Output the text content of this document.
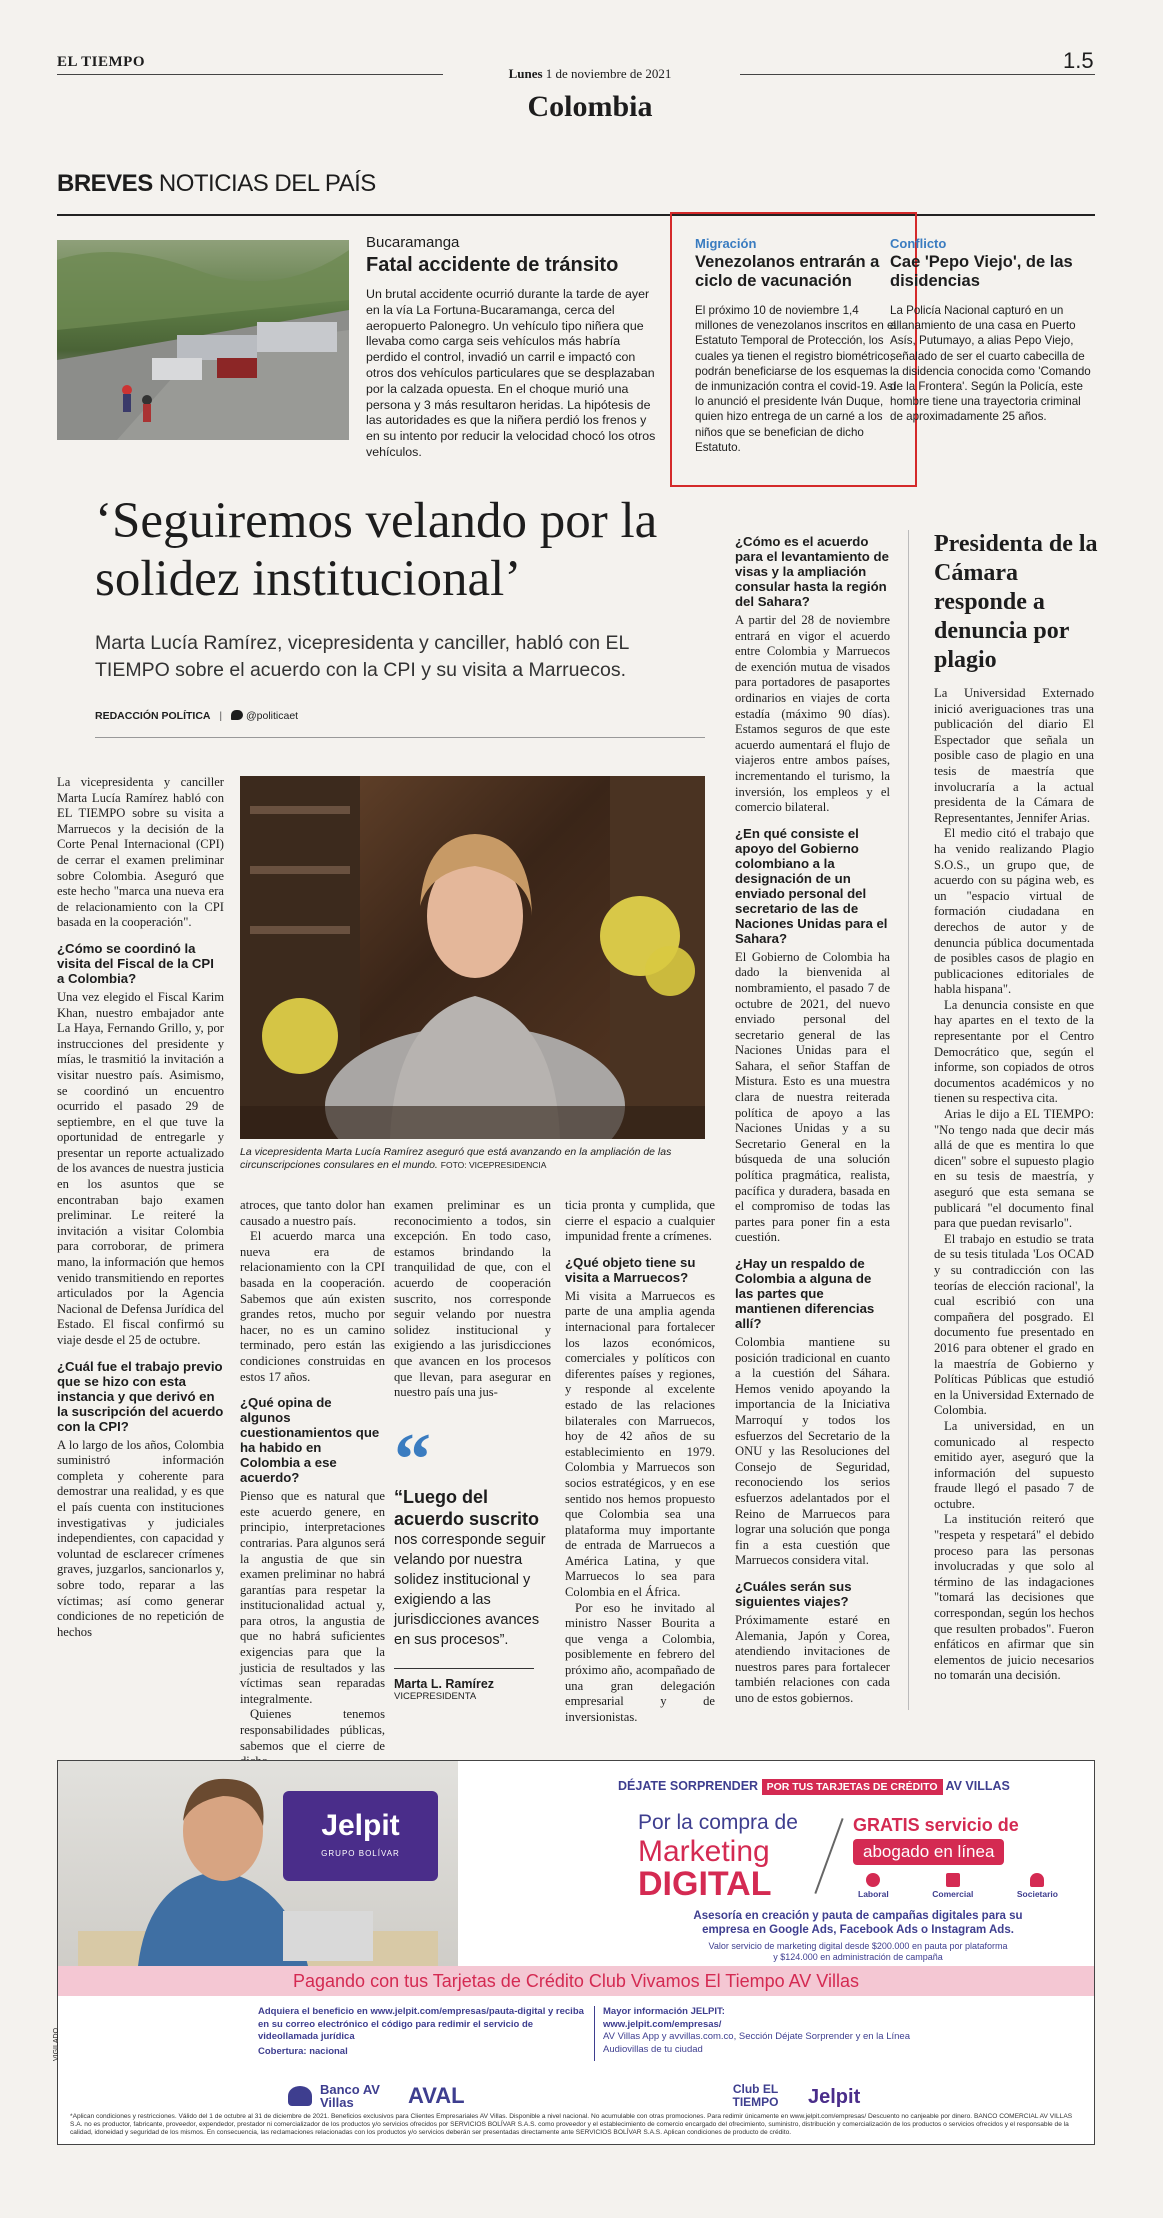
EL TIEMPO	1.5
Lunes 1 de noviembre de 2021
Colombia
BREVES NOTICIAS DEL PAÍS
Bucaramanga
Fatal accidente de tránsito
Un brutal accidente ocurrió durante la tarde de ayer en la vía La Fortuna-Bucaramanga, cerca del aeropuerto Palonegro. Un vehículo tipo niñera que llevaba como carga seis vehículos más habría perdido el control, invadió un carril e impactó con otros dos vehículos particulares que se desplazaban por la calzada opuesta. En el choque murió una persona y 3 más resultaron heridas. La hipótesis de las autoridades es que la niñera perdió los frenos y en su intento por reducir la velocidad chocó los otros vehículos.
Migración
Venezolanos entrarán a ciclo de vacunación
El próximo 10 de noviembre 1,4 millones de venezolanos inscritos en el Estatuto Temporal de Protección, los cuales ya tienen el registro biométrico, podrán beneficiarse de los esquemas de inmunización contra el covid-19. Así lo anunció el presidente Iván Duque, quien hizo entrega de un carné a los niños que se benefician de dicho Estatuto.
Conflicto
Cae 'Pepo Viejo', de las disidencias
La Policía Nacional capturó en un allanamiento de una casa en Puerto Asís, Putumayo, a alias Pepo Viejo, señalado de ser el cuarto cabecilla de la disidencia conocida como 'Comando de la Frontera'. Según la Policía, este hombre tiene una trayectoria criminal de aproximadamente 25 años.
‘Seguiremos velando por la solidez institucional’
Marta Lucía Ramírez, vicepresidenta y canciller, habló con EL TIEMPO sobre el acuerdo con la CPI y su visita a Marruecos.
REDACCIÓN POLÍTICA | @politicaet

La vicepresidenta y canciller Marta Lucía Ramírez habló con EL TIEMPO sobre su visita a Marruecos y la decisión de la Corte Penal Internacional (CPI) de cerrar el examen preliminar sobre Colombia. Aseguró que este hecho "marca una nueva era de relacionamiento con la CPI basada en la cooperación".

¿Cómo se coordinó la visita del Fiscal de la CPI a Colombia?

Una vez elegido el Fiscal Karim Khan, nuestro embajador ante La Haya, Fernando Grillo, y, por instrucciones del presidente y mías, le trasmitió la invitación a visitar nuestro país. Asimismo, se coordinó un encuentro ocurrido el pasado 29 de septiembre, en el que tuve la oportunidad de entregarle y presentar un reporte actualizado de los avances de nuestra justicia en los asuntos que se encontraban bajo examen preliminar. Le reiteré la invitación a visitar Colombia para corroborar, de primera mano, la información que hemos venido transmitiendo en reportes articulados por la Agencia Nacional de Defensa Jurídica del Estado. El fiscal confirmó su viaje desde el 25 de octubre.

¿Cuál fue el trabajo previo que se hizo con esta instancia y que derivó en la suscripción del acuerdo con la CPI?

A lo largo de los años, Colombia suministró información completa y coherente para demostrar una realidad, y es que el país cuenta con instituciones investigativas y judiciales independientes, con capacidad y voluntad de esclarecer crímenes graves, juzgarlos, sancionarlos y, sobre todo, reparar a las víctimas; así como generar condiciones de no repetición de hechos

La vicepresidenta Marta Lucía Ramírez aseguró que está avanzando en la ampliación de las circunscripciones consulares en el mundo. FOTO: VICEPRESIDENCIA

atroces, que tanto dolor han causado a nuestro país.

El acuerdo marca una nueva era de relacionamiento con la CPI basada en la cooperación. Sabemos que aún existen grandes retos, mucho por hacer, no es un camino terminado, pero están las condiciones construidas en estos 17 años.

¿Qué opina de algunos cuestionamientos que ha habido en Colombia a ese acuerdo?

Pienso que es natural que este acuerdo genere, en principio, interpretaciones contrarias. Para algunos será la angustia de que sin examen preliminar no habrá garantías para respetar la institucionalidad actual y, para otros, la angustia de que no habrá suficientes exigencias para que la justicia de resultados y las víctimas sean reparadas integralmente.

Quienes tenemos responsabilidades públicas, sabemos que el cierre de

examen preliminar es un reconocimiento a todos, sin excepción. En todo caso, estamos brindando la tranquilidad de que, con el acuerdo de cooperación suscrito, nos corresponde seguir velando por nuestra solidez institucional y exigiendo a las jurisdicciones que avancen en los procesos que llevan, para asegurar en nuestro país una jus-

“
“Luego del acuerdo suscrito
nos corresponde seguir velando por nuestra solidez institucional y exigiendo a las jurisdicciones avances en sus procesos”.
Marta L. Ramírez
VICEPRESIDENTA

ticia pronta y cumplida, que cierre el espacio a cualquier impunidad frente a crímenes.

¿Qué objeto tiene su visita a Marruecos?

Mi visita a Marruecos es parte de una amplia agenda internacional para fortalecer los lazos económicos, comerciales y políticos con diferentes países y regiones, y responde al excelente estado de las relaciones bilaterales con Marruecos, hoy de 42 años de su establecimiento en 1979. Colombia y Marruecos son socios estratégicos, y en ese sentido nos hemos propuesto que Colombia sea una plataforma muy importante de entrada de Marruecos a América Latina, y que Marruecos lo sea para Colombia en el África.

Por eso he invitado al ministro Nasser Bourita a que venga a Colombia, posiblemente en febrero del próximo año, acompañado de una gran delegación empresarial y de inversionistas.

¿Cómo es el acuerdo para el levantamiento de visas y la ampliación consular hasta la región del Sahara?

A partir del 28 de noviembre entrará en vigor el acuerdo entre Colombia y Marruecos de exención mutua de visados para portadores de pasaportes ordinarios en viajes de corta estadía (máximo 90 días). Estamos seguros de que este acuerdo aumentará el flujo de viajeros entre ambos países, incrementando el turismo, la inversión, los empleos y el comercio bilateral.

¿En qué consiste el apoyo del Gobierno colombiano a la designación de un enviado personal del secretario de las de Naciones Unidas para el Sahara?

El Gobierno de Colombia ha dado la bienvenida al nombramiento, el pasado 7 de octubre de 2021, del nuevo enviado personal del secretario general de las Naciones Unidas para el Sahara, el señor Staffan de Mistura. Esto es una muestra clara de nuestra reiterada política de apoyo a las Naciones Unidas y a su Secretario General en la búsqueda de una solución política pragmática, realista, pacífica y duradera, basada en el compromiso de todas las partes para poner fin a esta cuestión.

¿Hay un respaldo de Colombia a alguna de las partes que mantienen diferencias allí?

Colombia mantiene su posición tradicional en cuanto a la cuestión del Sáhara. Hemos venido apoyando la importancia de la Iniciativa Marroquí y todos los esfuerzos del Secretario de la ONU y las Resoluciones del Consejo de Seguridad, reconociendo los serios esfuerzos adelantados por el Reino de Marruecos para lograr una solución que ponga fin a esta cuestión que Marruecos considera vital.

¿Cuáles serán sus siguientes viajes?

Próximamente estaré en Alemania, Japón y Corea, atendiendo invitaciones de nuestros pares para fortalecer también relaciones con cada uno de estos gobiernos.

Presidenta de la Cámara responde a denuncia por plagio

La Universidad Externado inició averiguaciones tras una publicación del diario El Espectador que señala un posible caso de plagio en una tesis de maestría que involucraría a la actual presidenta de la Cámara de Representantes, Jennifer Arias.

El medio citó el trabajo que ha venido realizando Plagio S.O.S., un grupo que, de acuerdo con su página web, es un "espacio virtual de formación ciudadana en derechos de autor y de denuncia pública documentada de posibles casos de plagio en publicaciones editoriales de habla hispana".

La denuncia consiste en que hay apartes en el texto de la representante por el Centro Democrático que, según el informe, son copiados de otros documentos académicos y no tienen su respectiva cita.

Arias le dijo a EL TIEMPO: "No tengo nada que decir más allá de que es mentira lo que dicen" sobre el supuesto plagio en su tesis de maestría, y aseguró que esta semana se publicará "el documento final para que puedan revisarlo".

El trabajo en estudio se trata de su tesis titulada 'Los OCAD y su contradicción con las teorías de elección racional', la cual escribió con una compañera del posgrado. El documento fue presentado en 2016 para obtener el grado en la maestría de Gobierno y Políticas Públicas que estudió en la Universidad Externado de Colombia.

La universidad, en un comunicado al respecto emitido ayer, aseguró que la información del supuesto fraude llegó el pasado 7 de octubre.

La institución reiteró que "respeta y respetará" el debido proceso para las personas involucradas y que solo al término de las indagaciones "tomará las decisiones que correspondan, según los hechos que resulten probados". Fueron enfáticos en afirmar que sin elementos de juicio necesarios no tomarán una decisión.

Jelpit
GRUPO BOLÍVAR
DÉJATE SORPRENDER POR TUS TARJETAS DE CRÉDITO AV VILLAS
Por la compra de
Marketing
DIGITAL
GRATIS servicio de
abogado en línea
Laboral	Comercial	Societario
Asesoría en creación y pauta de campañas digitales para su empresa en Google Ads, Facebook Ads o Instagram Ads.
Valor servicio de marketing digital desde $200.000 en pauta por plataforma
y $124.000 en administración de campaña
Pagando con tus Tarjetas de Crédito Club Vivamos El Tiempo AV Villas
Adquiera el beneficio en www.jelpit.com/empresas/pauta-digital y reciba en su correo electrónico el código para redimir el servicio de videollamada jurídica
Cobertura: nacional
Mayor información JELPIT:
www.jelpit.com/empresas/
AV Villas App y avvillas.com.co, Sección Déjate Sorprender y en la Línea Audiovillas de tu ciudad
Banco AV Villas	AVAL	Club EL TIEMPO	Jelpit
VIGILADO
*Aplican condiciones y restricciones. Válido del 1 de octubre al 31 de diciembre de 2021. Beneficios exclusivos para Clientes Empresariales AV Villas. Disponible a nivel nacional. No acumulable con otras promociones. Para redimir únicamente en www.jelpit.com/empresas/ Descuento no canjeable por dinero. BANCO COMERCIAL AV VILLAS S.A. no es productor, fabricante, proveedor, expendedor, prestador ni comercializador de los productos y/o servicios ofrecidos por SERVICIOS BOLÍVAR S.A.S. como proveedor y el establecimiento de comercio encargado del ofrecimiento, suministro, distribución y comercialización de los productos o servicios ofrecidos y el responsable de la calidad, idoneidad y seguridad de los mismos. En consecuencia, las reclamaciones relacionadas con los productos y/o servicios deberán ser presentadas directamente ante SERVICIOS BOLÍVAR S.A.S. Aplican condiciones de producto de crédito.
